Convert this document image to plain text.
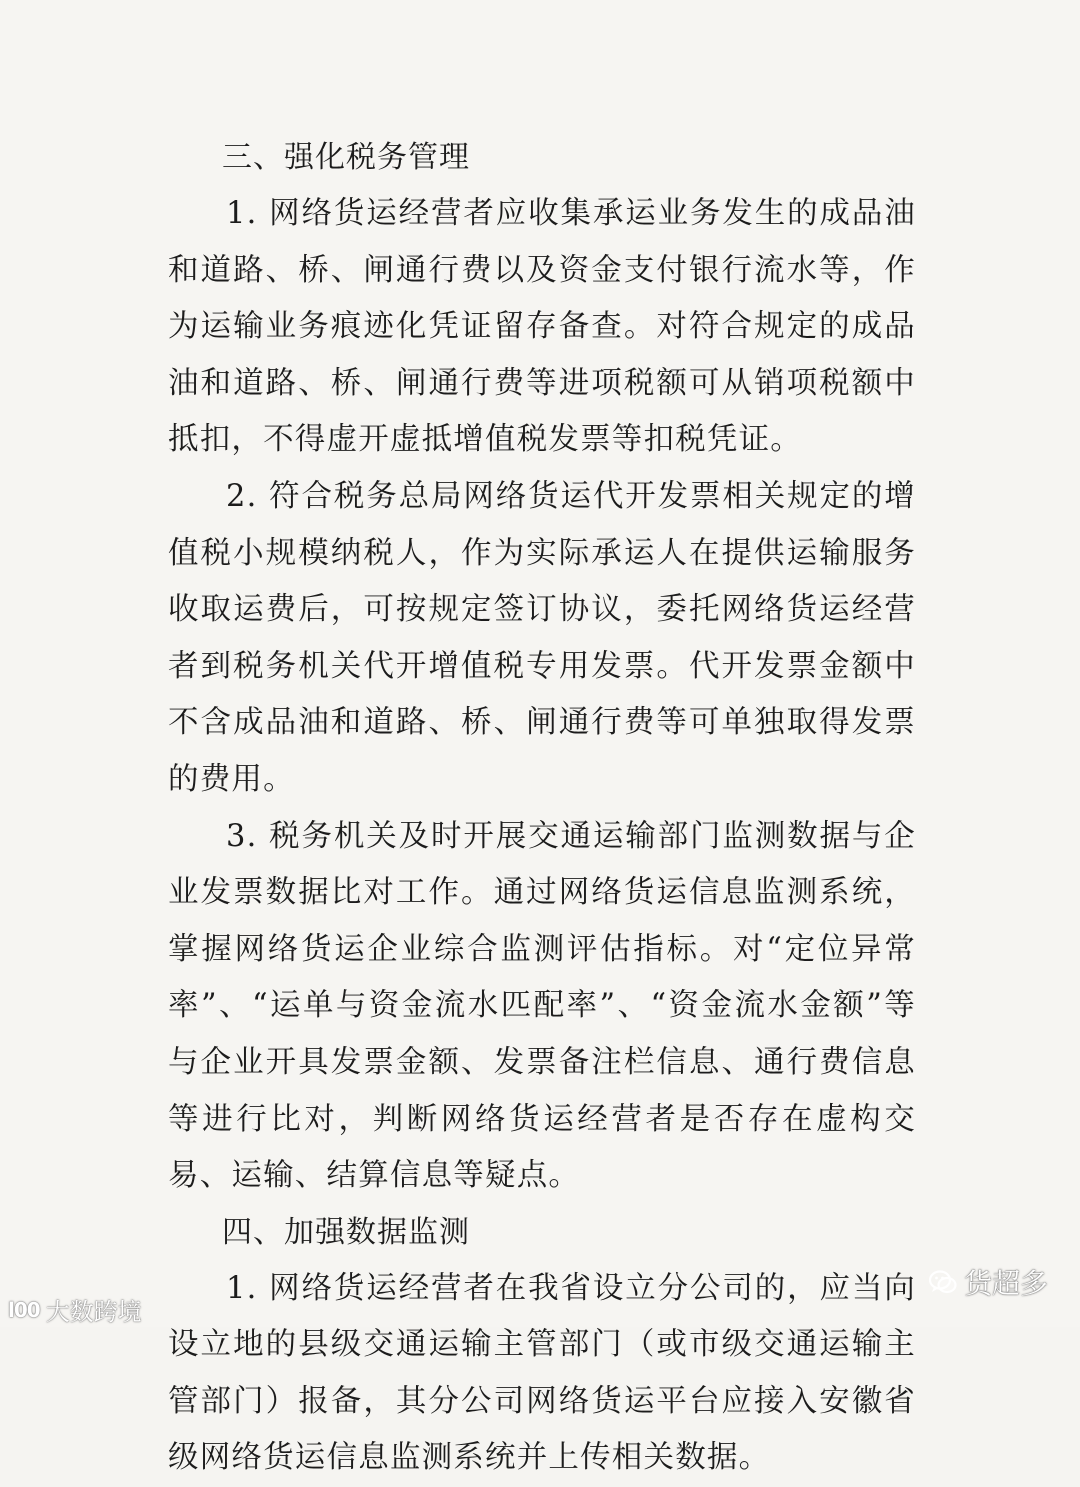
三、强化税务管理

1. 网络货运经营者应收集承运业务发生的成品油和道路、桥、闸通行费以及资金支付银行流水等，作为运输业务痕迹化凭证留存备查。对符合规定的成品油和道路、桥、闸通行费等进项税额可从销项税额中抵扣，不得虚开虚抵增值税发票等扣税凭证。

2. 符合税务总局网络货运代开发票相关规定的增值税小规模纳税人，作为实际承运人在提供运输服务收取运费后，可按规定签订协议，委托网络货运经营者到税务机关代开增值税专用发票。代开发票金额中不含成品油和道路、桥、闸通行费等可单独取得发票的费用。

3. 税务机关及时开展交通运输部门监测数据与企业发票数据比对工作。通过网络货运信息监测系统，掌握网络货运企业综合监测评估指标。对“定位异常率”、“运单与资金流水匹配率”、“资金流水金额”等与企业开具发票金额、发票备注栏信息、通行费信息等进行比对，判断网络货运经营者是否存在虚构交易、运输、结算信息等疑点。

四、加强数据监测

1. 网络货运经营者在我省设立分公司的，应当向设立地的县级交通运输主管部门（或市级交通运输主管部门）报备，其分公司网络货运平台应接入安徽省级网络货运信息监测系统并上传相关数据。

l00 大数跨境
货超多
